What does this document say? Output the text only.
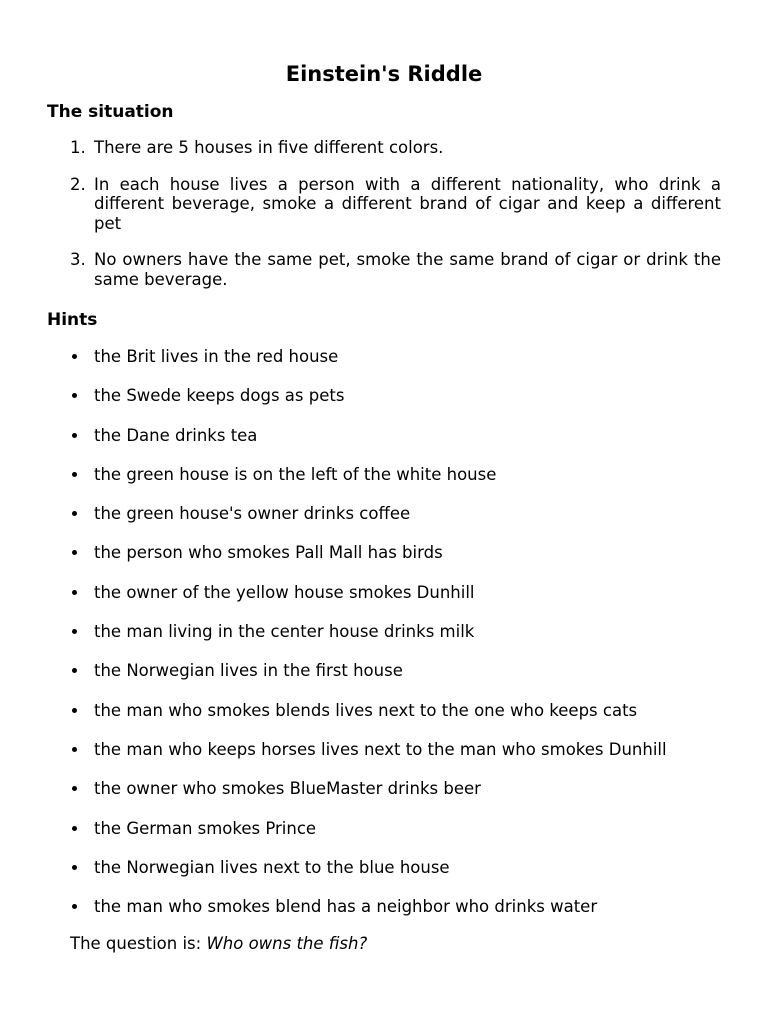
Einstein's Riddle
The situation
1. There are 5 houses in five different colors.
2. In each house lives a person with a different nationality, who drink a different beverage, smoke a different brand of cigar and keep a different pet
3. No owners have the same pet, smoke the same brand of cigar or drink the same beverage.
Hints
the Brit lives in the red house
the Swede keeps dogs as pets
the Dane drinks tea
the green house is on the left of the white house
the green house's owner drinks coffee
the person who smokes Pall Mall has birds
the owner of the yellow house smokes Dunhill
the man living in the center house drinks milk
the Norwegian lives in the first house
the man who smokes blends lives next to the one who keeps cats
the man who keeps horses lives next to the man who smokes Dunhill
the owner who smokes BlueMaster drinks beer
the German smokes Prince
the Norwegian lives next to the blue house
the man who smokes blend has a neighbor who drinks water

The question is: Who owns the fish?
